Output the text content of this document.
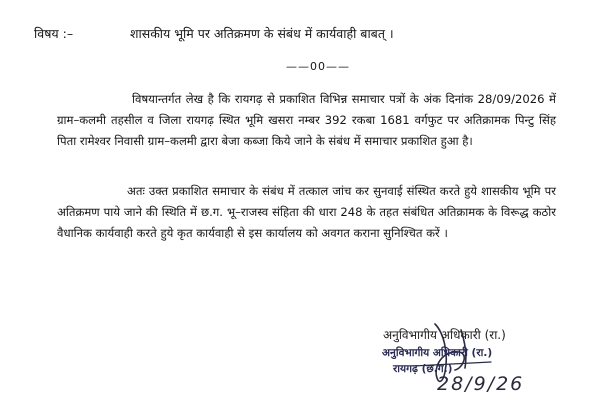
विषय :–	शासकीय भूमि पर अतिक्रमण के संबंध में कार्यवाही बाबत् ।
——00——

विषयान्तर्गत लेख है कि रायगढ़ से प्रकाशित विभिन्न समाचार पत्रों के अंक दिनांक 28/09/2026 में ग्राम–कलमी तहसील व जिला रायगढ़ स्थित भूमि खसरा नम्बर 392 रकबा 1681 वर्गफुट पर अतिक्रामक पिन्टु सिंह पिता रामेश्वर निवासी ग्राम–कलमी द्वारा बेजा कब्जा किये जाने के संबंध में समाचार प्रकाशित हुआ है।

अतः उक्त प्रकाशित समाचार के संबंध में तत्काल जांच कर सुनवाई संस्थित करते हुये शासकीय भूमि पर अतिक्रमण पाये जाने की स्थिति में छ.ग. भू–राजस्व संहिता की धारा 248 के तहत संबंधित अतिक्रामक के विरूद्ध कठोर वैधानिक कार्यवाही करते हुये कृत कार्यवाही से इस कार्यालय को अवगत कराना सुनिश्चित करें ।

अनुविभागीय अधिकारी (रा.)
अनुविभागीय अधिकारी (रा.)
रायगढ़ (छ.ग.)
28/9/26
